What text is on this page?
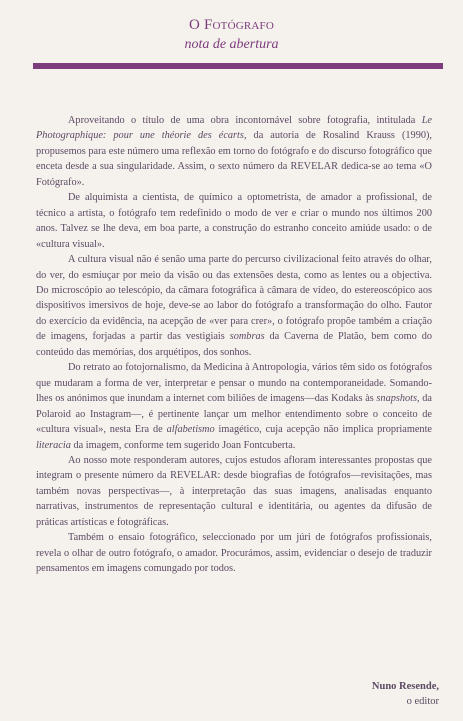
O Fotógrafo
nota de abertura

Aproveitando o título de uma obra incontornável sobre fotografia, intitulada Le Photographique: pour une théorie des écarts, da autoria de Rosalind Krauss (1990), propusemos para este número uma reflexão em torno do fotógrafo e do discurso fotográfico que enceta desde a sua singularidade. Assim, o sexto número da REVELAR dedica-se ao tema «O Fotógrafo».

De alquimista a cientista, de químico a optometrista, de amador a profissional, de técnico a artista, o fotógrafo tem redefinido o modo de ver e criar o mundo nos últimos 200 anos. Talvez se lhe deva, em boa parte, a construção do estranho conceito amiúde usado: o de «cultura visual».

A cultura visual não é senão uma parte do percurso civilizacional feito através do olhar, do ver, do esmiuçar por meio da visão ou das extensões desta, como as lentes ou a objectiva. Do microscópio ao telescópio, da câmara fotográfica à câmara de vídeo, do estereoscópico aos dispositivos imersivos de hoje, deve-se ao labor do fotógrafo a transformação do olho. Fautor do exercício da evidência, na acepção de «ver para crer», o fotógrafo propõe também a criação de imagens, forjadas a partir das vestigiais sombras da Caverna de Platão, bem como do conteúdo das memórias, dos arquétipos, dos sonhos.

Do retrato ao fotojornalismo, da Medicina à Antropologia, vários têm sido os fotógrafos que mudaram a forma de ver, interpretar e pensar o mundo na contemporaneidade. Somando-lhes os anónimos que inundam a internet com biliões de imagens—das Kodaks às snapshots, da Polaroid ao Instagram—, é pertinente lançar um melhor entendimento sobre o conceito de «cultura visual», nesta Era de alfabetismo imagético, cuja acepção não implica propriamente literacia da imagem, conforme tem sugerido Joan Fontcuberta.

Ao nosso mote responderam autores, cujos estudos afloram interessantes propostas que integram o presente número da REVELAR: desde biografias de fotógrafos—revisitações, mas também novas perspectivas—, à interpretação das suas imagens, analisadas enquanto narrativas, instrumentos de representação cultural e identitária, ou agentes da difusão de práticas artísticas e fotográficas.

Também o ensaio fotográfico, seleccionado por um júri de fotógrafos profissionais, revela o olhar de outro fotógrafo, o amador. Procurámos, assim, evidenciar o desejo de traduzir pensamentos em imagens comungado por todos.

Nuno Resende,
o editor
